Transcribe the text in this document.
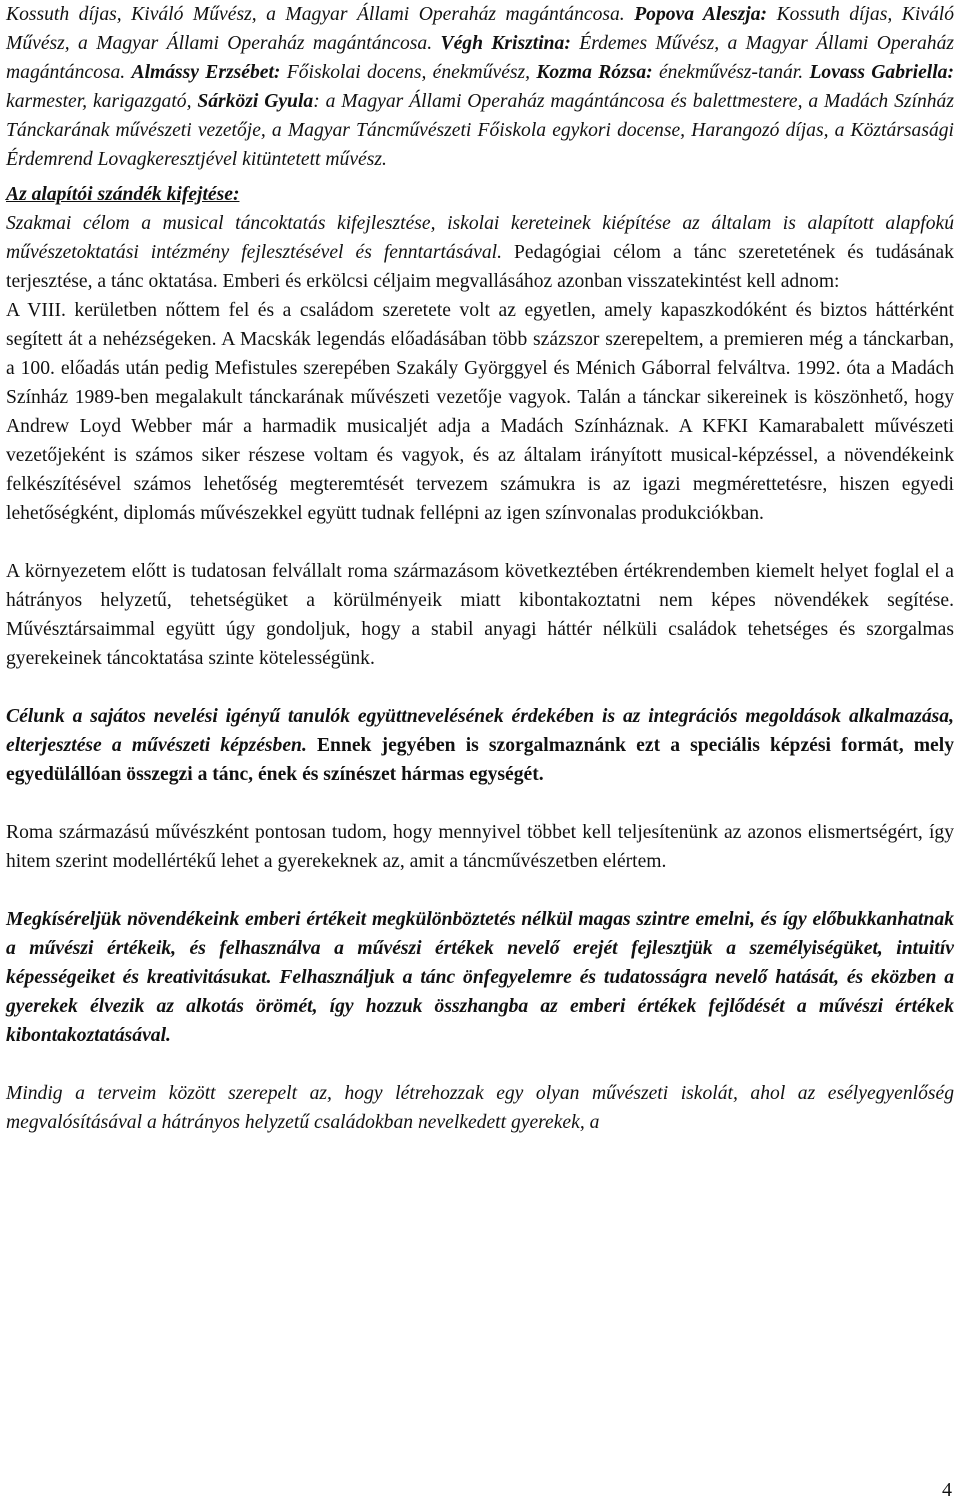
Kossuth díjas, Kiváló Művész, a Magyar Állami Operaház magántáncosa. Popova Aleszja: Kossuth díjas, Kiváló Művész, a Magyar Állami Operaház magántáncosa. Végh Krisztina: Érdemes Művész, a Magyar Állami Operaház magántáncosa. Almássy Erzsébet: Főiskolai docens, énekművész, Kozma Rózsa: énekművész-tanár. Lovass Gabriella: karmester, karigazgató, Sárközi Gyula: a Magyar Állami Operaház magántáncosa és balettmestere, a Madách Színház Tánckarának művészeti vezetője, a Magyar Táncművészeti Főiskola egykori docense, Harangozó díjas, a Köztársasági Érdemrend Lovagkeresztjével kitüntetett művész.

Az alapítói szándék kifejtése:

Szakmai célom a musical táncoktatás kifejlesztése, iskolai kereteinek kiépítése az általam is alapított alapfokú művészetoktatási intézmény fejlesztésével és fenntartásával. Pedagógiai célom a tánc szeretetének és tudásának terjesztése, a tánc oktatása. Emberi és erkölcsi céljaim megvallásához azonban visszatekintést kell adnom:

A VIII. kerületben nőttem fel és a családom szeretete volt az egyetlen, amely kapaszkodóként és biztos háttérként segített át a nehézségeken. A Macskák legendás előadásában több százszor szerepeltem, a premieren még a tánckarban, a 100. előadás után pedig Mefistules szerepében Szakály Györggyel és Ménich Gáborral felváltva. 1992. óta a Madách Színház 1989-ben megalakult tánckarának művészeti vezetője vagyok. Talán a tánckar sikereinek is köszönhető, hogy Andrew Loyd Webber már a harmadik musicaljét adja a Madách Színháznak. A KFKI Kamarabalett művészeti vezetőjeként is számos siker részese voltam és vagyok, és az általam irányított musical-képzéssel, a növendékeink felkészítésével számos lehetőség megteremtését tervezem számukra is az igazi megmérettetésre, hiszen egyedi lehetőségként, diplomás művészekkel együtt tudnak fellépni az igen színvonalas produkciókban.

A környezetem előtt is tudatosan felvállalt roma származásom következtében értékrendemben kiemelt helyet foglal el a hátrányos helyzetű, tehetségüket a körülményeik miatt kibontakoztatni nem képes növendékek segítése. Művésztársaimmal együtt úgy gondoljuk, hogy a stabil anyagi háttér nélküli családok tehetséges és szorgalmas gyerekeinek táncoktatása szinte kötelességünk.

Célunk a sajátos nevelési igényű tanulók együttnevelésének érdekében is az integrációs megoldások alkalmazása, elterjesztése a művészeti képzésben. Ennek jegyében is szorgalmaznánk ezt a speciális képzési formát, mely egyedülállóan összegzi a tánc, ének és színészet hármas egységét.

Roma származású művészként pontosan tudom, hogy mennyivel többet kell teljesítenünk az azonos elismertségért, így hitem szerint modellértékű lehet a gyerekeknek az, amit a táncművészetben elértem.

Megkíséreljük növendékeink emberi értékeit megkülönböztetés nélkül magas szintre emelni, és így előbukkanhatnak a művészi értékeik, és felhasználva a művészi értékek nevelő erejét fejlesztjük a személyiségüket, intuitív képességeiket és kreativitásukat. Felhasználjuk a tánc önfegyelemre és tudatosságra nevelő hatását, és eközben a gyerekek élvezik az alkotás örömét, így hozzuk összhangba az emberi értékek fejlődését a művészi értékek kibontakoztatásával.

Mindig a terveim között szerepelt az, hogy létrehozzak egy olyan művészeti iskolát, ahol az esélyegyenlőség megvalósításával a hátrányos helyzetű családokban nevelkedett gyerekek, a

4
